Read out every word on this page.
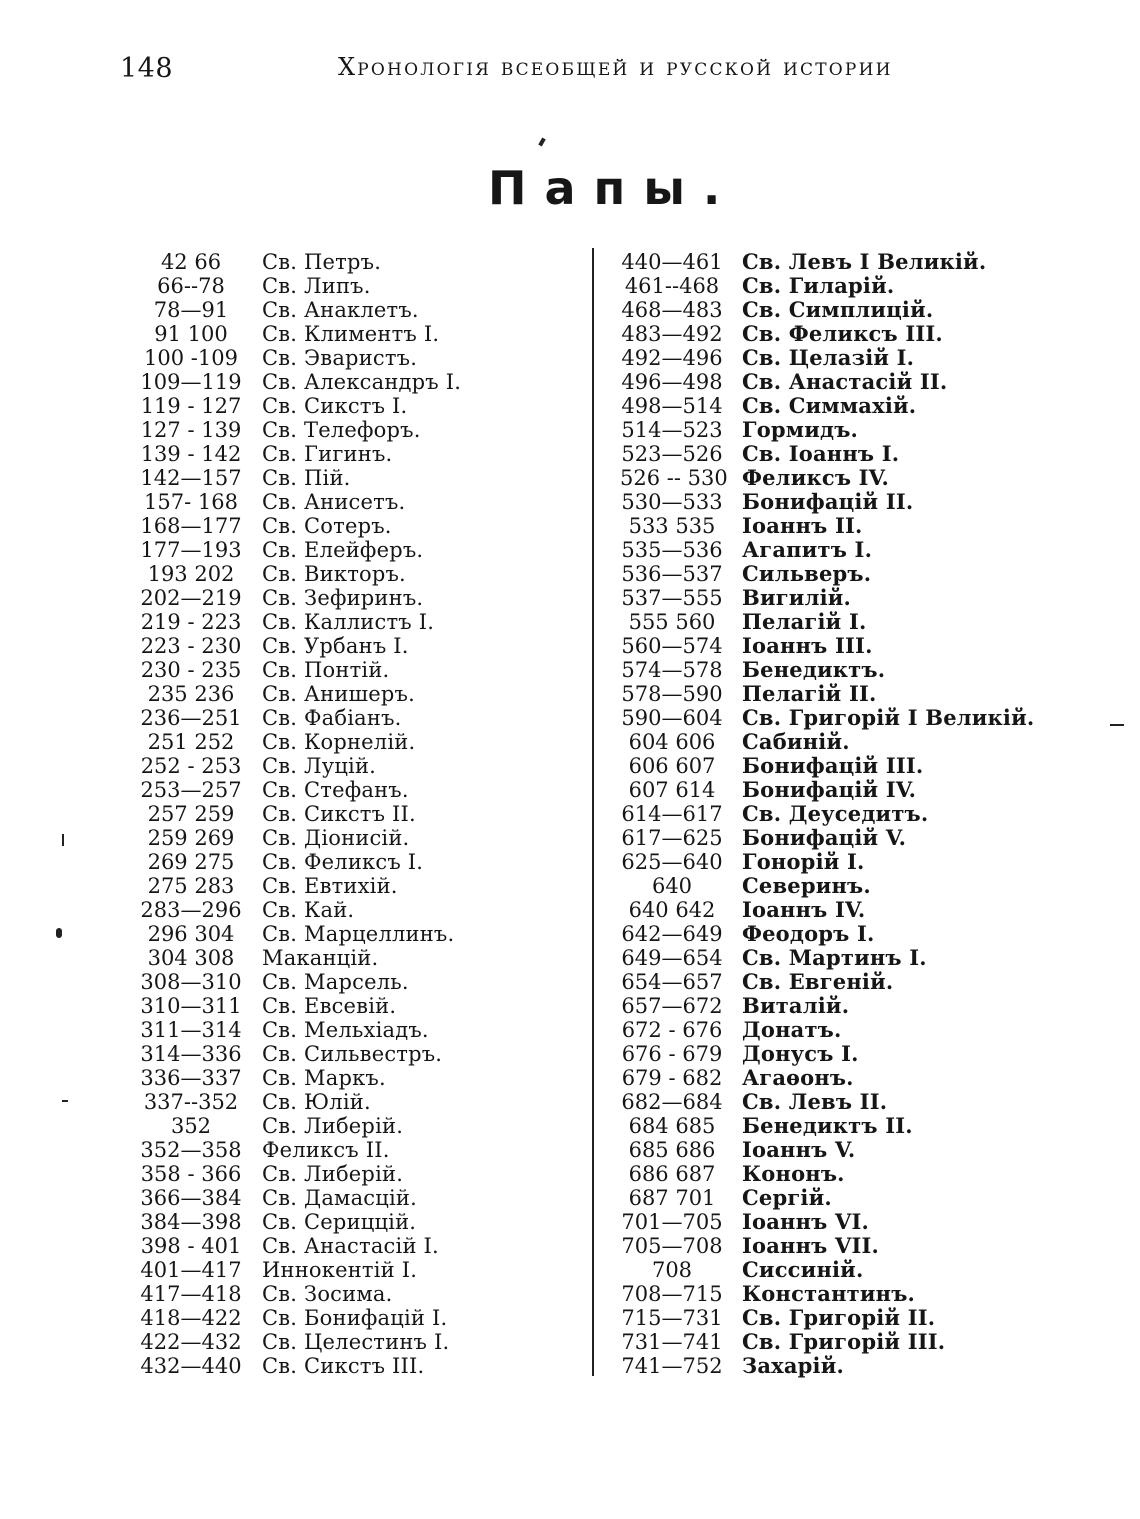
148	Хронологія всеобщей и русской истории
Папы.
42 66	Св. Петръ.
66--78	Св. Липъ.
78—91	Св. Анаклетъ.
91 100	Св. Климентъ I.
100 -109	Св. Эваристъ.
109—119 Св. Александръ I.
119 - 127 Св. Сикстъ I.
127 - 139 Св. Телефоръ.
139 - 142 Св. Гигинъ.
142—157 Св. Пій.
157- 168	Св. Анисетъ.
168—177 Св. Сотеръ.
177—193 Св. Елейферъ.
193 202	Св. Викторъ.
202—219 Св. Зефиринъ.
219 - 223 Св. Каллистъ I.
223 - 230 Св. Урбанъ I.
230 - 235 Св. Понтій.
235 236	Св. Анишеръ.
236—251 Св. Фабіанъ.
251 252	Св. Корнелій.
252 - 253 Св. Луцій.
253—257 Св. Стефанъ.
257 259	Св. Сикстъ II.
259 269	Св. Діонисій.
269 275	Св. Феликсъ I.
275 283	Св. Евтихій.
283—296 Св. Кай.
296 304	Св. Марцеллинъ.
304 308	Маканцій.
308—310 Св. Марсель.
310—311 Св. Евсевій.
311—314 Св. Мельхіадъ.
314—336 Св. Сильвестръ.
336—337 Св. Маркъ.
337--352	Св. Юлій.
352	Св. Либерій.
352—358 Феликсъ II.
358 - 366 Св. Либерій.
366—384 Св. Дамасцій.
384—398 Св. Сериццій.
398 - 401 Св. Анастасій I.
401—417 Иннокентій I.
417—418 Св. Зосима.
418—422 Св. Бонифацій I.
422—432 Св. Целестинъ I.
432—440 Св. Сикстъ III.
440—461 Св. Левъ I Великій.
461--468	Св. Гиларій.
468—483 Св. Симплицій.
483—492 Св. Феликсъ III.
492—496 Св. Целазій I.
496—498 Св. Анастасій II.
498—514 Св. Симмахій.
514—523 Гормидъ.
523—526 Св. Іоаннъ I.
526 -- 530 Феликсъ IV.
530—533 Бонифацій II.
533 535	Іоаннъ II.
535—536 Агапитъ I.
536—537 Сильверъ.
537—555 Вигилій.
555 560	Пелагій I.
560—574 Іоаннъ III.
574—578 Бенедиктъ.
578—590 Пелагій II.
590—604 Св. Григорій I Великій.
604 606	Сабиній.
606 607	Бонифацій III.
607 614	Бонифацій IV.
614—617 Св. Деуседитъ.
617—625 Бонифацій V.
625—640 Гонорій I.
640	Северинъ.
640 642	Іоаннъ IV.
642—649 Феодоръ I.
649—654 Св. Мартинъ I.
654—657 Св. Евгеній.
657—672 Виталій.
672 - 676 Донатъ.
676 - 679 Донусъ I.
679 - 682 Агаѳонъ.
682—684 Св. Левъ II.
684 685	Бенедиктъ II.
685 686	Іоаннъ V.
686 687	Кононъ.
687 701	Сергій.
701—705 Іоаннъ VI.
705—708 Іоаннъ VII.
708	Сиссиній.
708—715 Константинъ.
715—731 Св. Григорій II.
731—741 Св. Григорій III.
741—752 Захарій.
